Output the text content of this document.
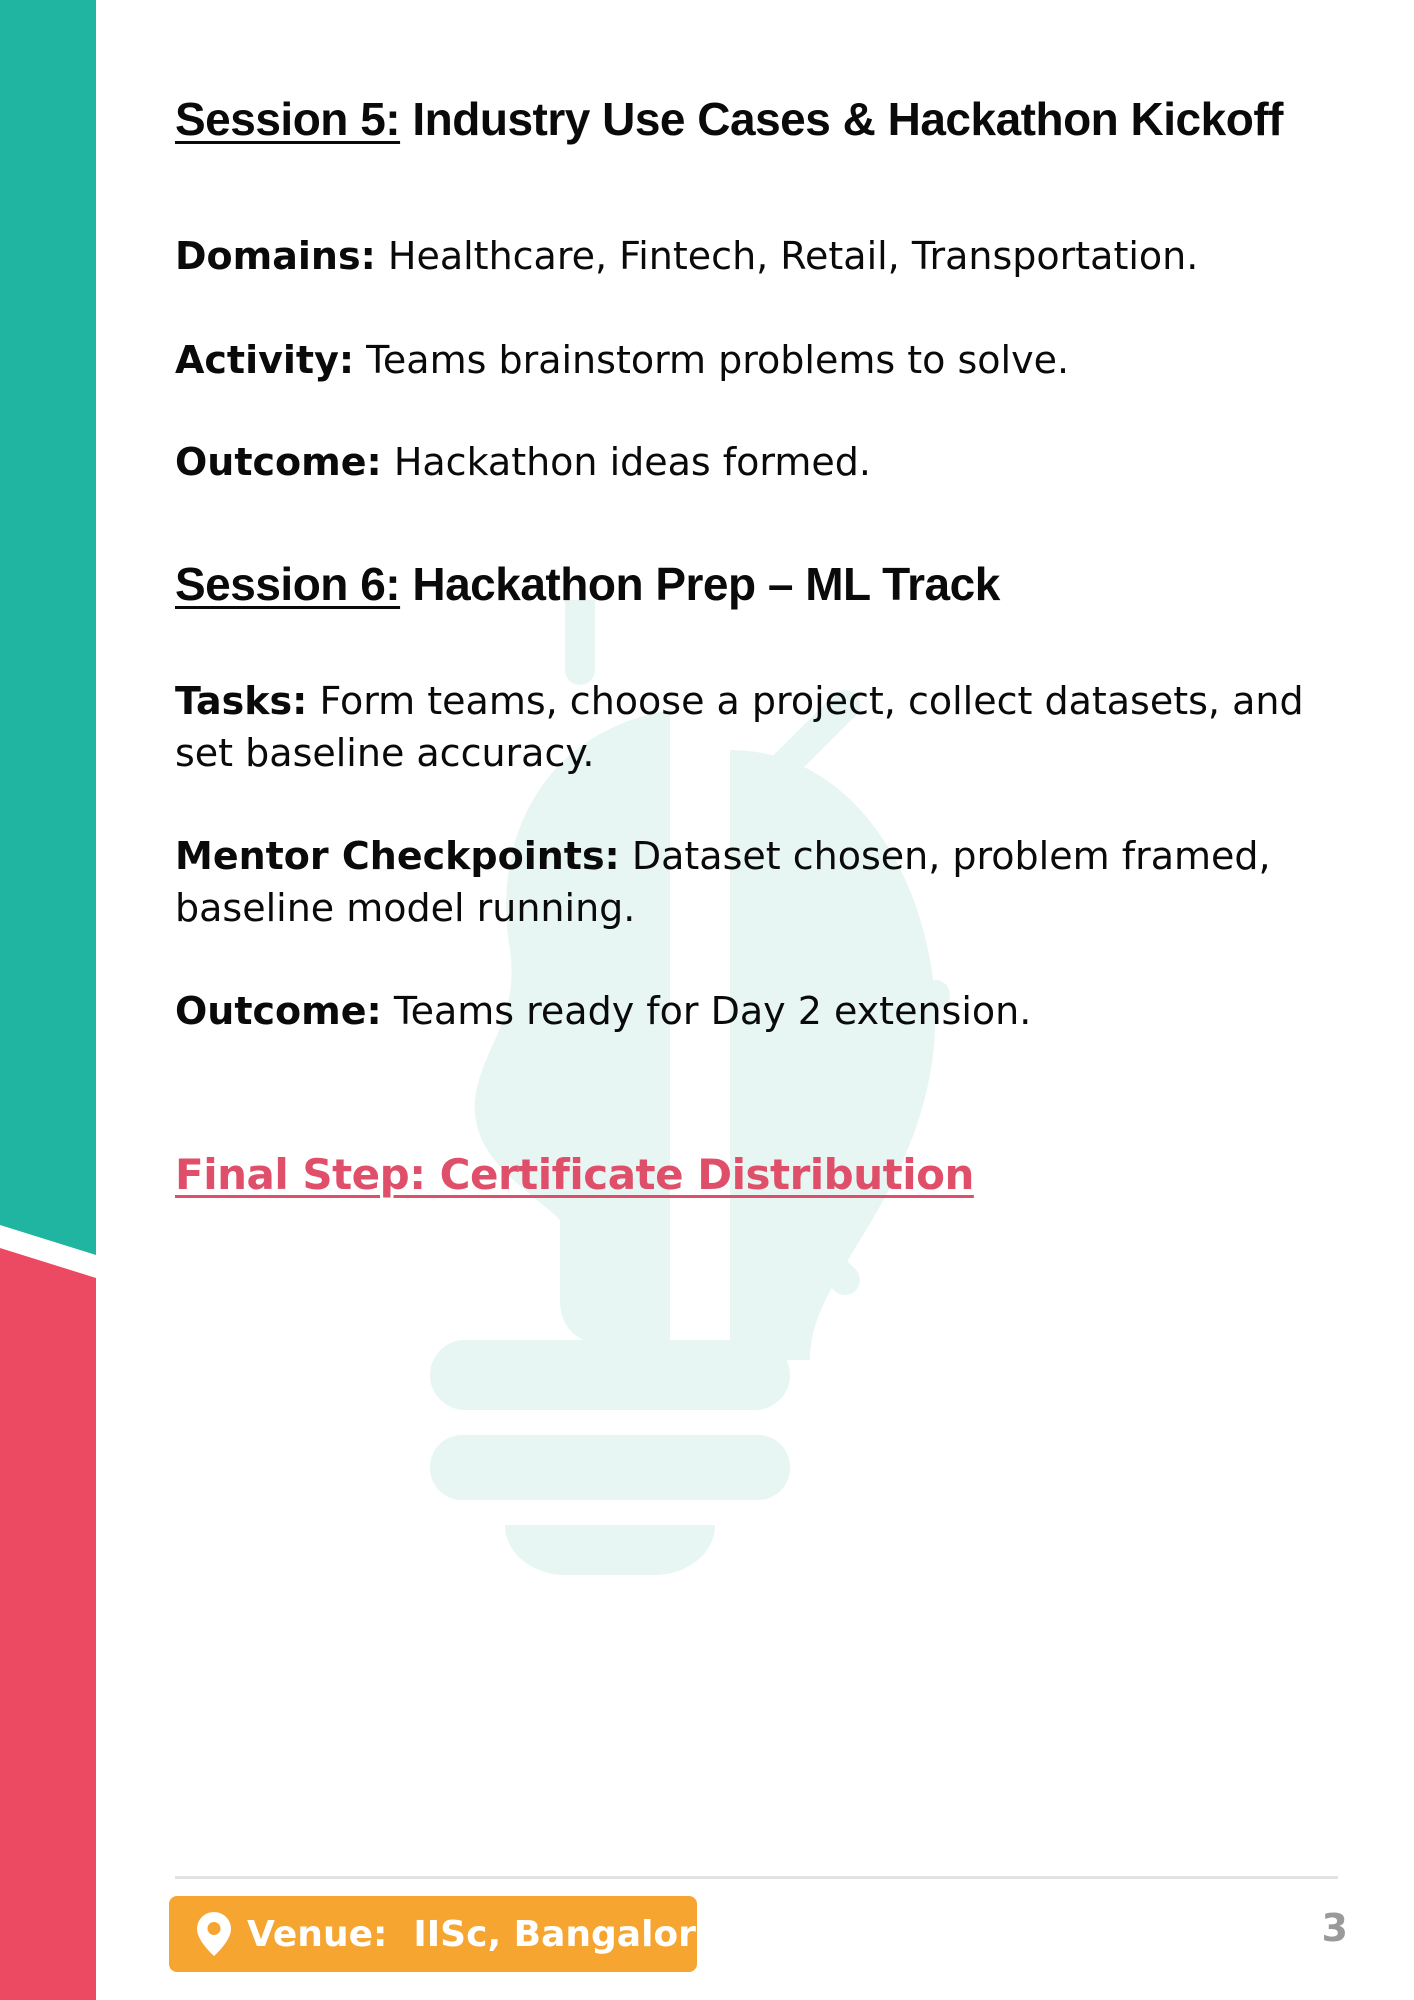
Session 5: Industry Use Cases & Hackathon Kickoff

Domains: Healthcare, Fintech, Retail, Transportation.

Activity: Teams brainstorm problems to solve.

Outcome: Hackathon ideas formed.

Session 6: Hackathon Prep – ML Track

Tasks: Form teams, choose a project, collect datasets, and set baseline accuracy.

Mentor Checkpoints: Dataset chosen, problem framed, baseline model running.

Outcome: Teams ready for Day 2 extension.

Final Step: Certificate Distribution

Venue: IISc, Bangalore	3
